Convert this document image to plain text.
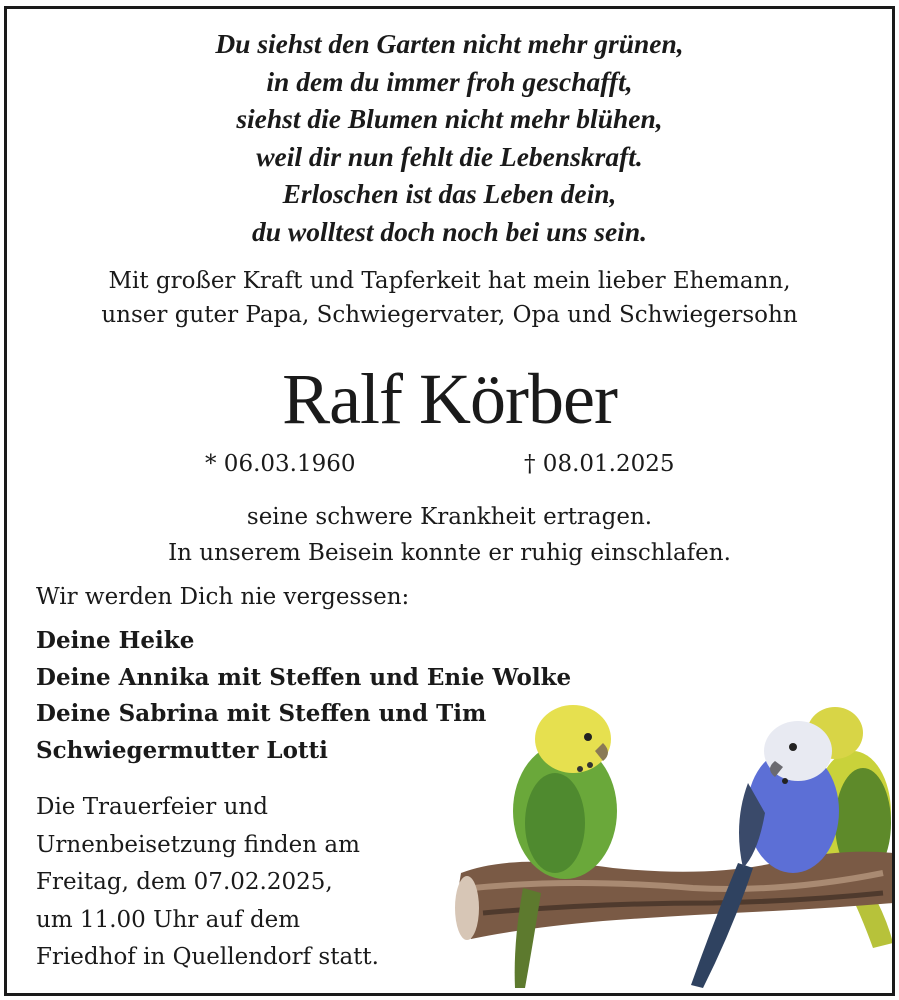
Du siehst den Garten nicht mehr grünen,
in dem du immer froh geschafft,
siehst die Blumen nicht mehr blühen,
weil dir nun fehlt die Lebenskraft.
Erloschen ist das Leben dein,
du wolltest doch noch bei uns sein.
Mit großer Kraft und Tapferkeit hat mein lieber Ehemann,
unser guter Papa, Schwiegervater, Opa und Schwiegersohn
Ralf Körber
* 06.03.1960	† 08.01.2025
seine schwere Krankheit ertragen.
In unserem Beisein konnte er ruhig einschlafen.
Wir werden Dich nie vergessen:
Deine Heike
Deine Annika mit Steffen und Enie Wolke
Deine Sabrina mit Steffen und Tim
Schwiegermutter Lotti
Die Trauerfeier und
Urnenbeisetzung finden am
Freitag, dem 07.02.2025,
um 11.00 Uhr auf dem
Friedhof in Quellendorf statt.
